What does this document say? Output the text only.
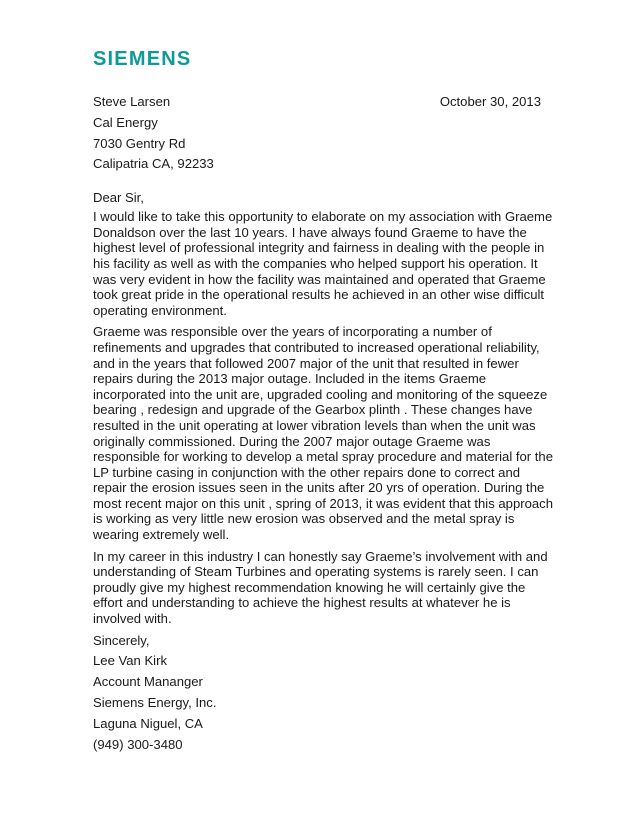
SIEMENS
Steve Larsen	October 30, 2013
Cal Energy
7030 Gentry Rd
Calipatria CA, 92233
Dear Sir,

I would like to take this opportunity to elaborate on my association with Graeme Donaldson over the last 10 years. I have always found Graeme to have the highest level of professional integrity and fairness in dealing with the people in his facility as well as with the companies who helped support his operation. It was very evident in how the facility was maintained and operated that Graeme took great pride in the operational results he achieved in an other wise difficult operating environment.

Graeme was responsible over the years of incorporating a number of refinements and upgrades that contributed to increased operational reliability, and in the years that followed 2007 major of the unit that resulted in fewer repairs during the 2013 major outage. Included in the items Graeme incorporated into the unit are, upgraded cooling and monitoring of the squeeze bearing , redesign and upgrade of the Gearbox plinth . These changes have resulted in the unit operating at lower vibration levels than when the unit was originally commissioned. During the 2007 major outage Graeme was responsible for working to develop a metal spray procedure and material for the LP turbine casing in conjunction with the other repairs done to correct and repair the erosion issues seen in the units after 20 yrs of operation. During the most recent major on this unit , spring of 2013, it was evident that this approach is working as very little new erosion was observed and the metal spray is wearing extremely well.

In my career in this industry I can honestly say Graeme’s involvement with and understanding of Steam Turbines and operating systems is rarely seen. I can proudly give my highest recommendation knowing he will certainly give the effort and understanding to achieve the highest results at whatever he is involved with.

Sincerely,
Lee Van Kirk
Account Mananger
Siemens Energy, Inc.
Laguna Niguel, CA
(949) 300-3480
